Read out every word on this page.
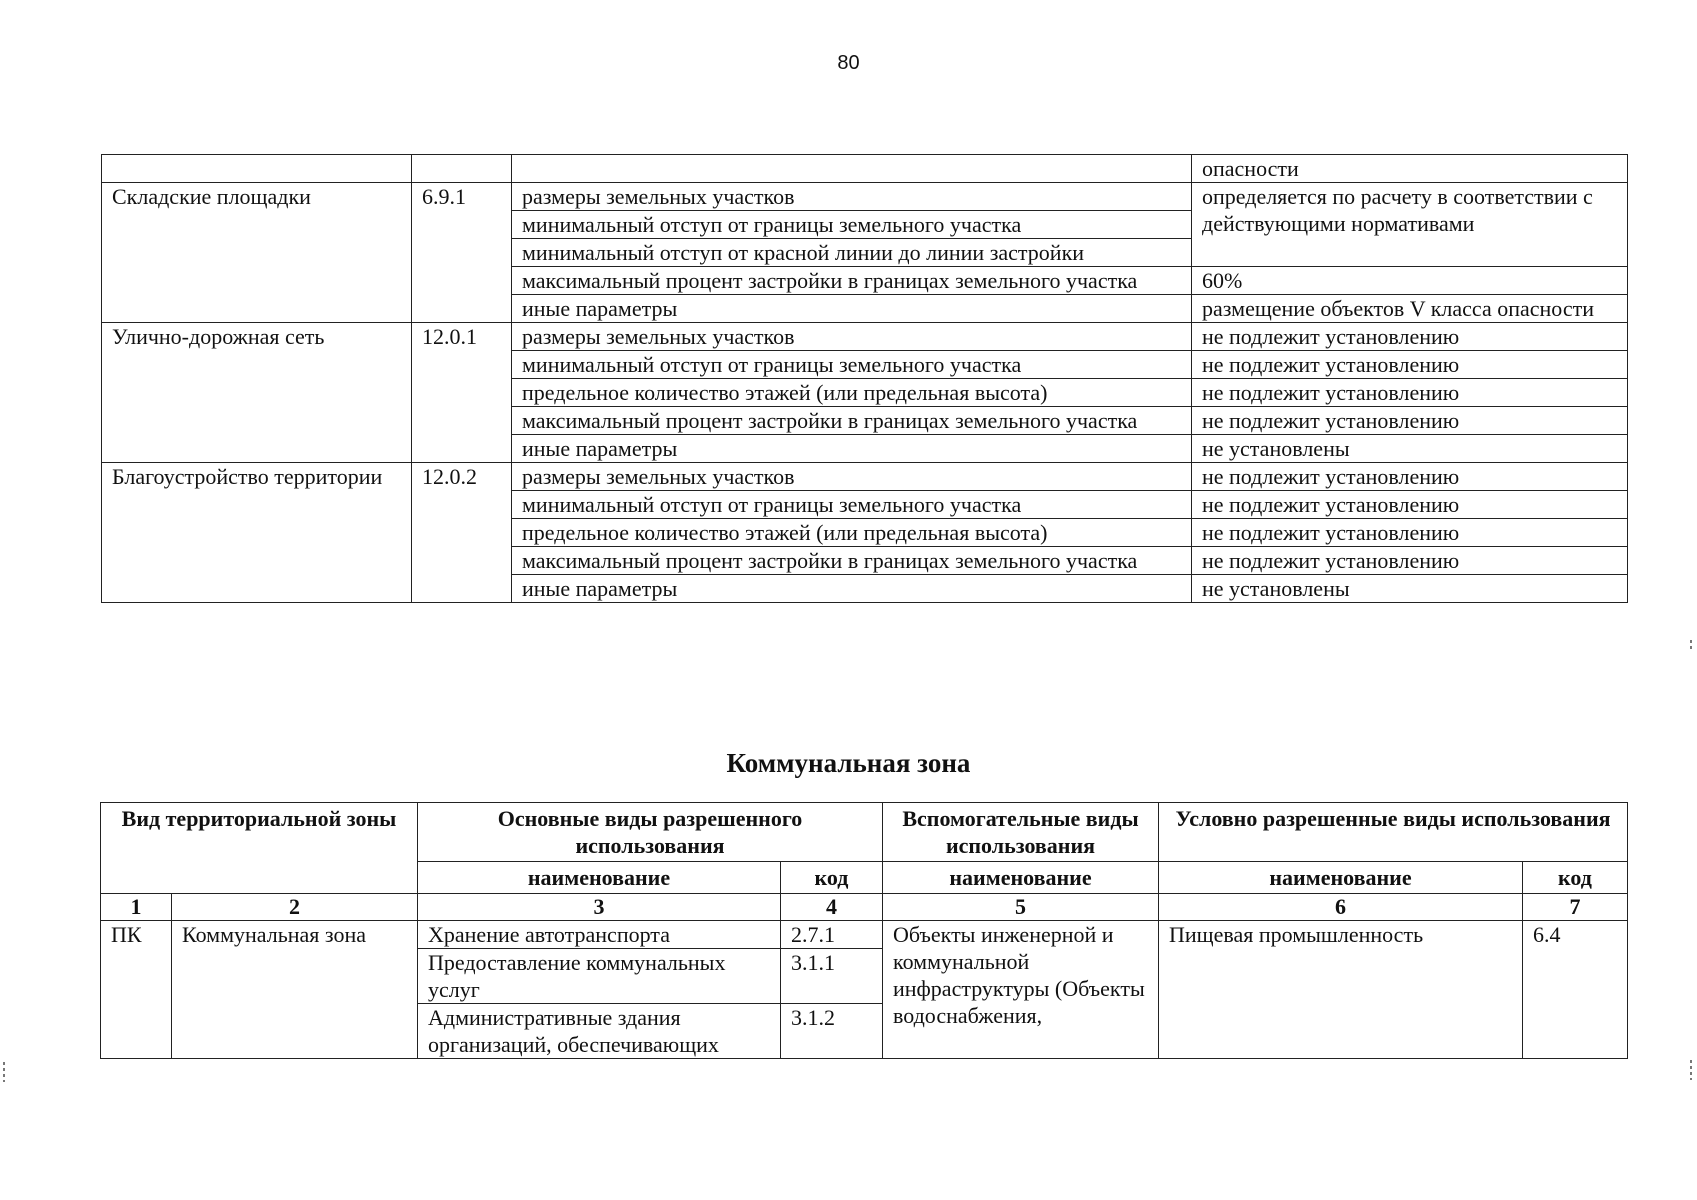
80
			опасности
Складские площадки	6.9.1	размеры земельных участков	определяется по расчету в соответствии с действующими нормативами
		минимальный отступ от границы земельного участка	
		минимальный отступ от красной линии до линии застройки	
		максимальный процент застройки в границах земельного участка	60%
		иные параметры	размещение объектов V класса опасности
Улично-дорожная сеть	12.0.1	размеры земельных участков	не подлежит установлению
		минимальный отступ от границы земельного участка	не подлежит установлению
		предельное количество этажей (или предельная высота)	не подлежит установлению
		максимальный процент застройки в границах земельного участка	не подлежит установлению
		иные параметры	не установлены
Благоустройство территории	12.0.2	размеры земельных участков	не подлежит установлению
		минимальный отступ от границы земельного участка	не подлежит установлению
		предельное количество этажей (или предельная высота)	не подлежит установлению
		максимальный процент застройки в границах земельного участка	не подлежит установлению
		иные параметры	не установлены
Коммунальная зона
Вид территориальной зоны		Основные виды разрешенного использования		Вспомогательные виды использования	Условно разрешенные виды использования	
		наименование	код	наименование	наименование	код
1	2	3	4	5	6	7
ПК	Коммунальная зона	Хранение автотранспорта	2.7.1	Объекты инженерной и коммунальной инфраструктуры (Объекты водоснабжения,	Пищевая промышленность	6.4
		Предоставление коммунальных услуг	3.1.1			
		Административные здания организаций, обеспечивающих	3.1.2			
